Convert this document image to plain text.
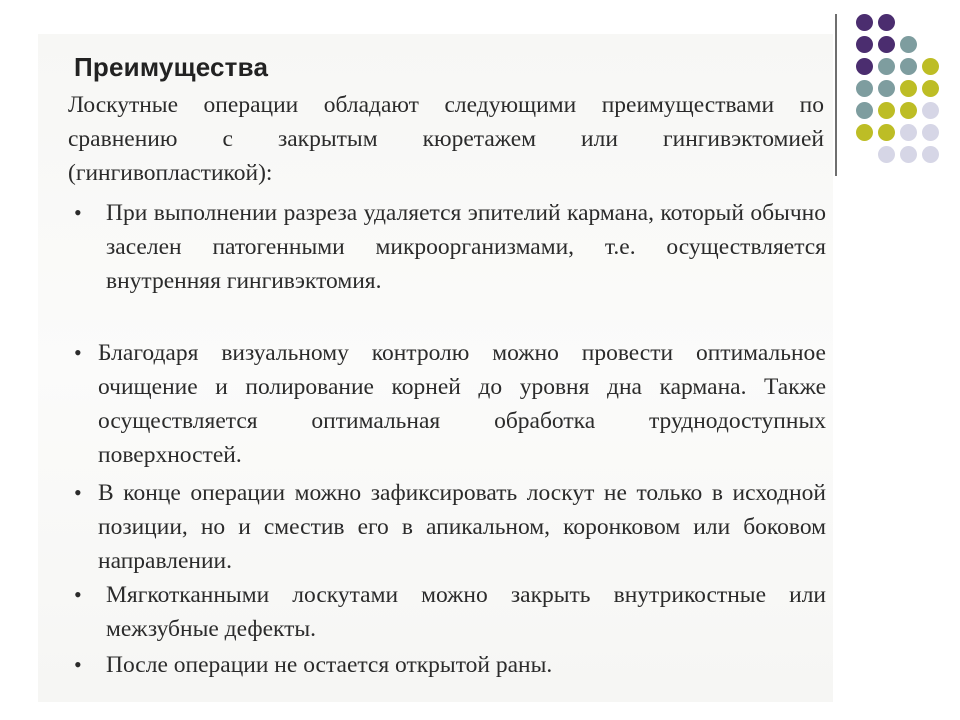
Преимущества

Лоскутные операции обладают следующими преимуществами по сравнению с закрытым кюретажем или гингивэктомией (гингивопластикой):

• При выполнении разреза удаляется эпителий кармана, который обычно заселен патогенными микроорганизмами, т.е. осуществляется внутренняя гингивэктомия.

• Благодаря визуальному контролю можно провести оптимальное очищение и полирование корней до уровня дна кармана. Также осуществляется оптимальная обработка труднодоступных поверхностей.

• В конце операции можно зафиксировать лоскут не только в исходной позиции, но и сместив его в апикальном, коронковом или боковом направлении.

• Мягкотканными лоскутами можно закрыть внутрикостные или межзубные дефекты.

• После операции не остается открытой раны.
